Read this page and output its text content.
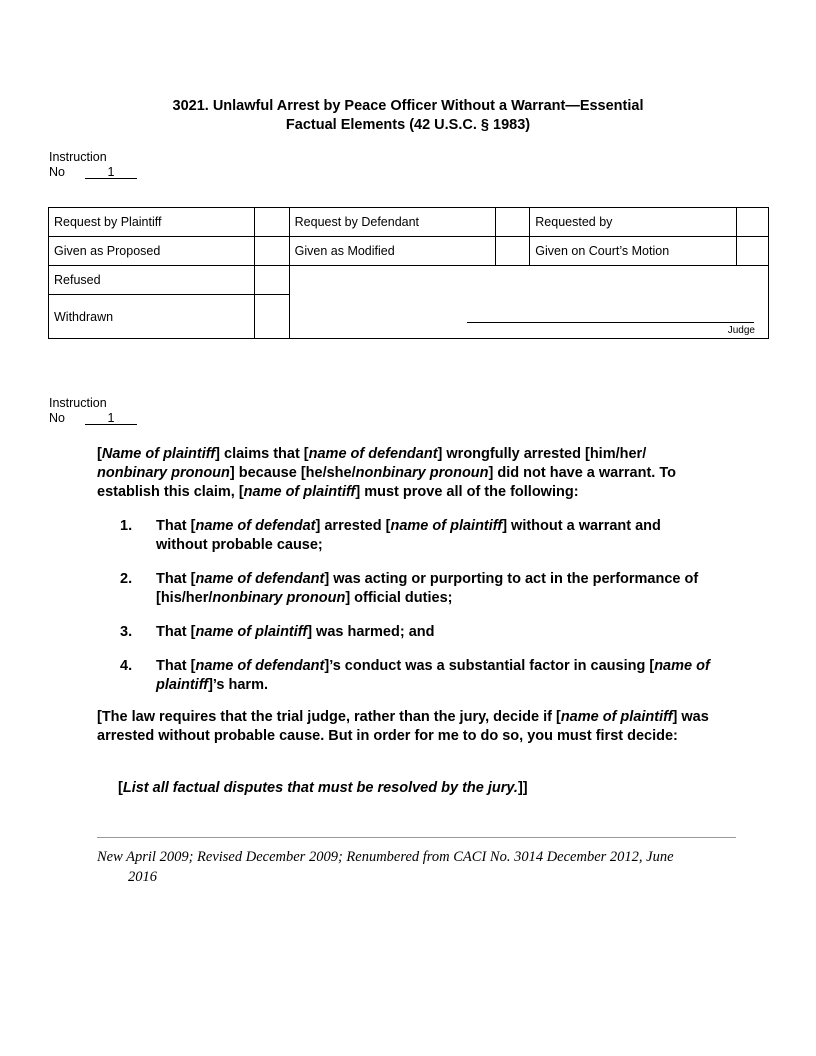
3021. Unlawful Arrest by Peace Officer Without a Warrant—Essential
Factual Elements (42 U.S.C. § 1983)
Instruction
No	1
Request by Plaintiff		Request by Defendant		Requested by	
Given as Proposed		Given as Modified		Given on Court’s Motion	
Refused		Judge			

Withdrawn					
Instruction
No	1
[Name of plaintiff] claims that [name of defendant] wrongfully arrested [him/her/
nonbinary pronoun] because [he/she/nonbinary pronoun] did not have a warrant. To establish this claim, [name of plaintiff] must prove all of the following:
1. That [name of defendat] arrested [name of plaintiff] without a warrant and without probable cause;
2. That [name of defendant] was acting or purporting to act in the performance of [his/her/nonbinary pronoun] official duties;
3. That [name of plaintiff] was harmed; and
4. That [name of defendant]’s conduct was a substantial factor in causing [name of plaintiff]’s harm.
[The law requires that the trial judge, rather than the jury, decide if [name of plaintiff] was arrested without probable cause. But in order for me to do so, you must first decide:
[List all factual disputes that must be resolved by the jury.]]
New April 2009; Revised December 2009; Renumbered from CACI No. 3014 December 2012, June
2016
